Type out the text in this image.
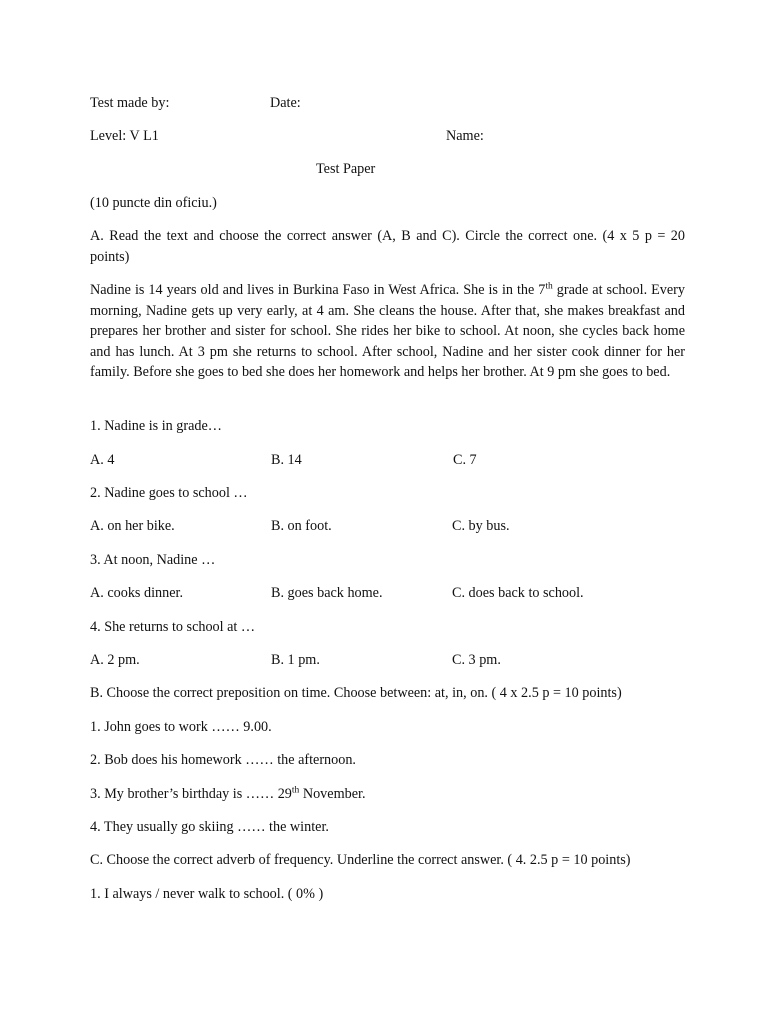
Test made by:	Date:
Level: V L1	Name:
Test Paper
(10 puncte din oficiu.)
A. Read the text and choose the correct answer (A, B and C). Circle the correct one. (4 x 5 p = 20 points)
Nadine is 14 years old and lives in Burkina Faso in West Africa. She is in the 7th grade at school. Every morning, Nadine gets up very early, at 4 am. She cleans the house. After that, she makes breakfast and prepares her brother and sister for school. She rides her bike to school. At noon, she cycles back home and has lunch. At 3 pm she returns to school. After school, Nadine and her sister cook dinner for her family. Before she goes to bed she does her homework and helps her brother. At 9 pm she goes to bed.
1. Nadine is in grade…
A. 4	B. 14	C. 7
2. Nadine goes to school …
A. on her bike.	B. on foot.	C. by bus.
3. At noon, Nadine …
A. cooks dinner.	B. goes back home.	C. does back to school.
4. She returns to school at …
A. 2 pm.	B. 1 pm.	C. 3 pm.
B. Choose the correct preposition on time. Choose between: at, in, on. ( 4 x 2.5 p = 10 points)
1. John goes to work …… 9.00.
2. Bob does his homework …… the afternoon.
3. My brother’s birthday is …… 29th November.
4. They usually go skiing …… the winter.
C. Choose the correct adverb of frequency. Underline the correct answer. ( 4. 2.5 p = 10 points)
1. I always / never walk to school. ( 0% )
